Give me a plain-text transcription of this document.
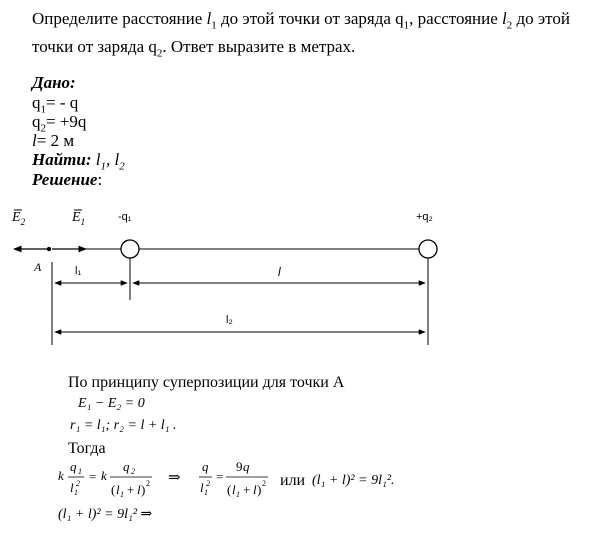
Определите расстояние $l_1$ до этой точки от заряда $q_1$, расстояние $l_2$ до этой точки от заряда $q_2$. Ответ выразите в метрах.
Дано:
$q_1= - q$
$q_2= +9q$
l= 2 м
Найти: $l_1$, $l_2$
Решение:
$E_2$	$E_1$	-q₁	+q₂
A	l₁	l
l₂
По принципу суперпозиции для точки А
E₁ − E₂ = 0
r₁ = l₁; r₂ = l + l₁ .
Тогда
k
q 1
l 1
2 = k
q 2
( l 1 + l ) 2 ⇒
q
l 1
2 =
9 q
( l 1 + l ) 2 или (l₁ + l)² = 9l₁².
(l₁ + l)² = 9l₁² ⇒
